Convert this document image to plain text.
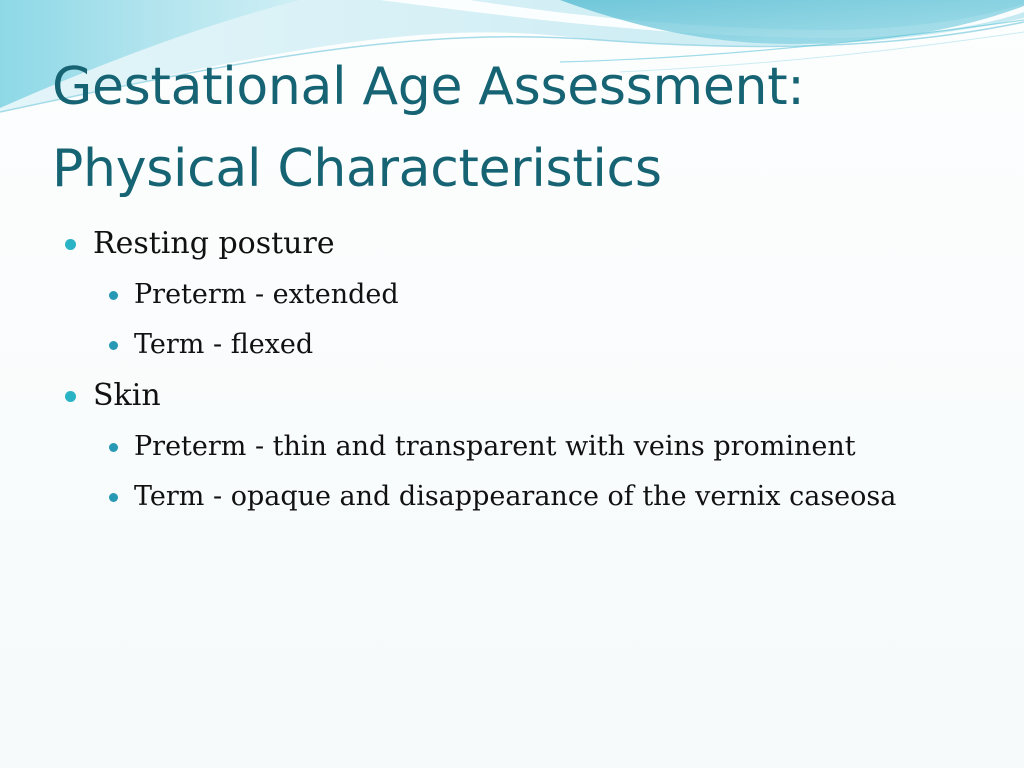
Gestational Age Assessment:
Physical Characteristics
Resting posture
Preterm - extended
Term - flexed
Skin
Preterm - thin and transparent with veins prominent
Term - opaque and disappearance of the vernix caseosa
